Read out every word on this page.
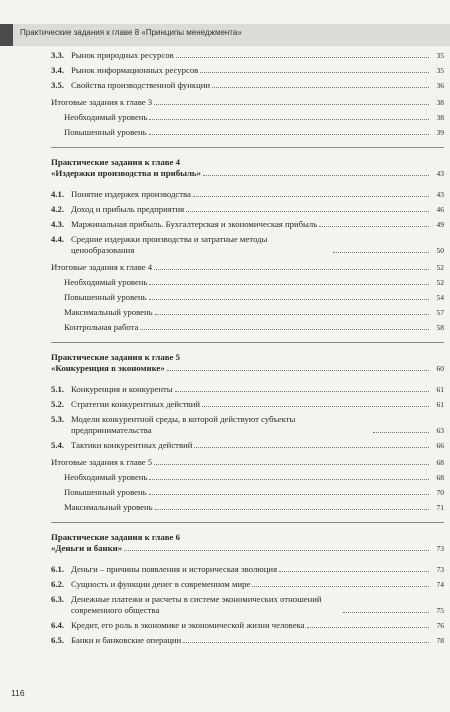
Практические задания к главе 8 «Принципы менеджмента»
3.3. Рынок природных ресурсов	35
3.4. Рынок информационных ресурсов	35
3.5. Свойства производственной функции	36
Итоговые задания к главе 3	38
Необходимый уровень	38
Повышенный уровень	39
Практические задания к главе 4
«Издержки производства и прибыль»	43
4.1. Понятие издержек производства	43
4.2. Доход и прибыль предприятия	46
4.3. Маржинальная прибыль. Бухгалтерская и экономическая прибыль	49
4.4. Средние издержки производства и затратные методы ценообразования	50
Итоговые задания к главе 4	52
Необходимый уровень	52
Повышенный уровень	54
Максимальный уровень	57
Контрольная работа	58
Практические задания к главе 5
«Конкуренция в экономике»	60
5.1. Конкуренция и конкуренты	61
5.2. Стратегии конкурентных действий	61
5.3. Модели конкурентной среды, в которой действуют субъекты предпринимательства	63
5.4. Тактики конкурентных действий	66
Итоговые задания к главе 5	68
Необходимый уровень	68
Повышенный уровень	70
Максимальный уровень	71
Практические задания к главе 6
«Деньги и банки»	73
6.1. Деньги – причины появления и историческая эволюция	73
6.2. Сущность и функции денег в современном мире	74
6.3. Денежные платежи и расчеты в системе экономических отношений современного общества	75
6.4. Кредит, его роль в экономике и экономической жизни человека	76
6.5. Банки и банковские операции	78
116
